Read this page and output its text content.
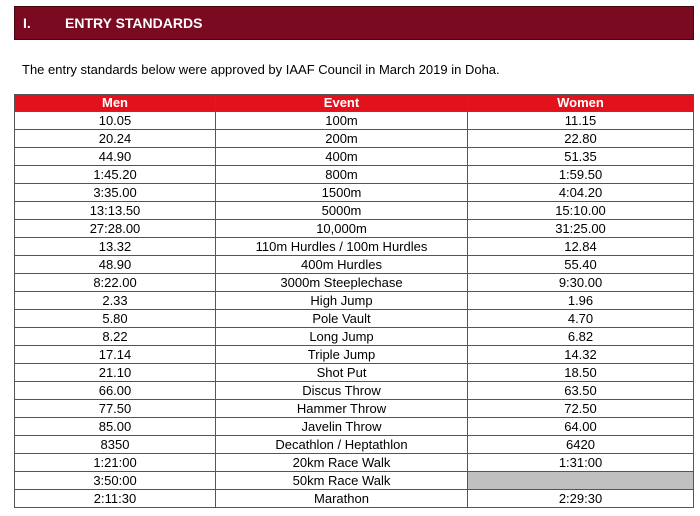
I.	ENTRY STANDARDS
The entry standards below were approved by IAAF Council in March 2019 in Doha.
Men	Event	Women
10.05	100m	11.15
20.24	200m	22.80
44.90	400m	51.35
1:45.20	800m	1:59.50
3:35.00	1500m	4:04.20
13:13.50	5000m	15:10.00
27:28.00	10,000m	31:25.00
13.32	110m Hurdles / 100m Hurdles	12.84
48.90	400m Hurdles	55.40
8:22.00	3000m Steeplechase	9:30.00
2.33	High Jump	1.96
5.80	Pole Vault	4.70
8.22	Long Jump	6.82
17.14	Triple Jump	14.32
21.10	Shot Put	18.50
66.00	Discus Throw	63.50
77.50	Hammer Throw	72.50
85.00	Javelin Throw	64.00
8350	Decathlon / Heptathlon	6420
1:21:00	20km Race Walk	1:31:00
3:50:00	50km Race Walk	
2:11:30	Marathon	2:29:30
